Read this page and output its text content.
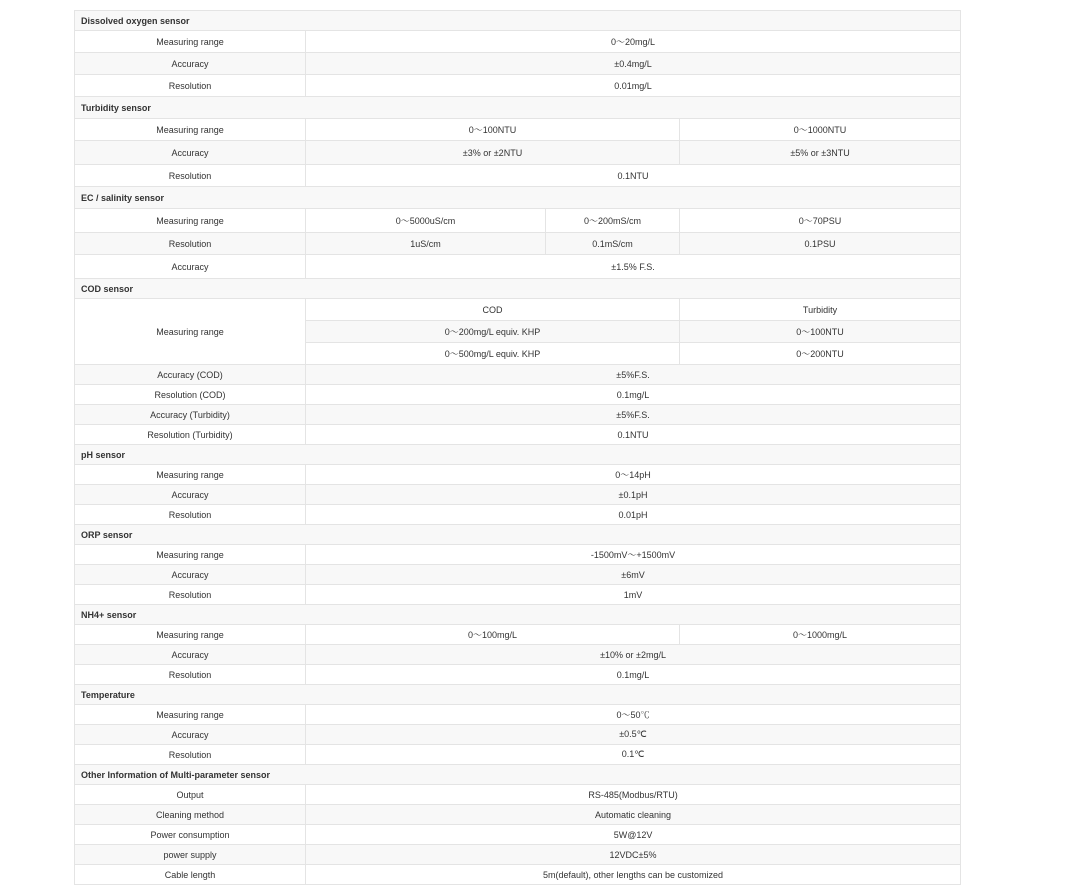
Dissolved oxygen sensor			
Measuring range	0～20mg/L		
Accuracy	±0.4mg/L		
Resolution	0.01mg/L		
Turbidity sensor			
Measuring range	0～100NTU		0～1000NTU
Accuracy	±3% or ±2NTU		±5% or ±3NTU
Resolution	0.1NTU		
EC / salinity sensor			
Measuring range	0～5000uS/cm	0～200mS/cm	0～70PSU
Resolution	1uS/cm	0.1mS/cm	0.1PSU
Accuracy	±1.5% F.S.		
COD sensor			
Measuring range	COD		Turbidity
	0～200mg/L equiv. KHP		0～100NTU
	0～500mg/L equiv. KHP		0～200NTU
Accuracy (COD)	±5%F.S.		
Resolution (COD)	0.1mg/L		
Accuracy (Turbidity)	±5%F.S.		
Resolution (Turbidity)	0.1NTU		
pH sensor			
Measuring range	0～14pH		
Accuracy	±0.1pH		
Resolution	0.01pH		
ORP sensor			
Measuring range	-1500mV～+1500mV		
Accuracy	±6mV		
Resolution	1mV		
NH4+ sensor			
Measuring range	0～100mg/L		0～1000mg/L
Accuracy	±10% or ±2mg/L		
Resolution	0.1mg/L		
Temperature			
Measuring range	0～50℃		
Accuracy	±0.5℃		
Resolution	0.1℃		
Other Information of Multi-parameter sensor			
Output	RS-485(Modbus/RTU)		
Cleaning method	Automatic cleaning		
Power consumption	5W@12V		
power supply	12VDC±5%		
Cable length	5m(default), other lengths can be customized		
